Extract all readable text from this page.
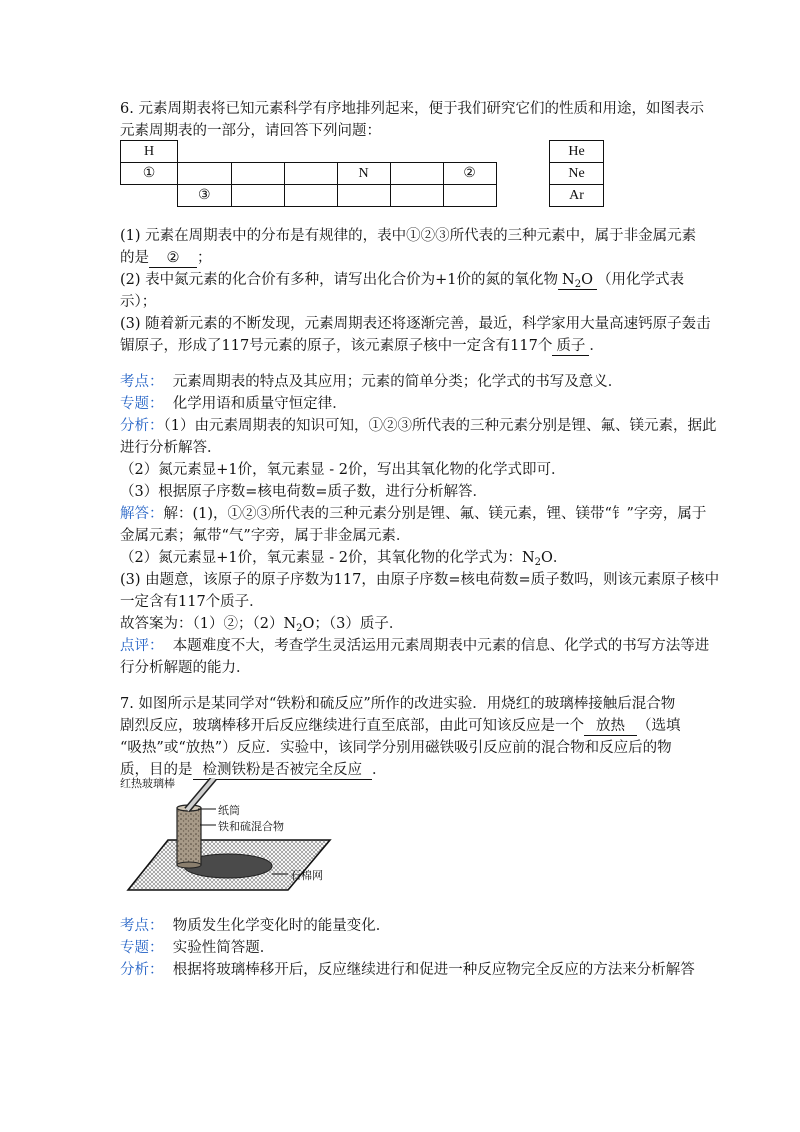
6. 元素周期表将已知元素科学有序地排列起来，便于我们研究它们的性质和用途，如图表示
元素周期表的一部分，请回答下列问题：
H								He
①				N		②		Ne
	③							Ar
(1) 元素在周期表中的分布是有规律的，表中①②③所代表的三种元素中，属于非金属元素
的是 ② ；
(2) 表中氮元素的化合价有多种，请写出化合价为+1价的氮的氧化物 $N_2O$ （用化学式表
示）；
(3) 随着新元素的不断发现，元素周期表还将逐渐完善，最近，科学家用大量高速钙原子轰击
镅原子，形成了117号元素的原子，该元素原子核中一定含有117个 质子 ．
考点： 元素周期表的特点及其应用；元素的简单分类；化学式的书写及意义．
专题： 化学用语和质量守恒定律．
分析：（1）由元素周期表的知识可知，①②③所代表的三种元素分别是锂、氟、镁元素，据此
进行分析解答．
（2）氮元素显+1价，氧元素显 - 2价，写出其氧化物的化学式即可．
（3）根据原子序数=核电荷数=质子数，进行分析解答．
解答：解：(1)，①②③所代表的三种元素分别是锂、氟、镁元素，锂、镁带“钅”字旁，属于
金属元素；氟带“气”字旁，属于非金属元素．
（2）氮元素显+1价，氧元素显 - 2价，其氧化物的化学式为：$N_2O$．
(3) 由题意，该原子的原子序数为117，由原子序数=核电荷数=质子数吗，则该元素原子核中
一定含有117个质子．
故答案为：（1）②；$(2)N_2O$；（3）质子．
点评： 本题难度不大，考查学生灵活运用元素周期表中元素的信息、化学式的书写方法等进
行分析解题的能力．
7. 如图所示是某同学对“铁粉和硫反应”所作的改进实验．用烧红的玻璃棒接触后混合物
剧烈反应，玻璃棒移开后反应继续进行直至底部，由此可知该反应是一个 放热 （选填
“吸热”或“放热”）反应．实验中，该同学分别用磁铁吸引反应前的混合物和反应后的物
质，目的是 检测铁粉是否被完全反应 ．
红热玻璃棒
纸筒
铁和硫混合物
石棉网
考点： 物质发生化学变化时的能量变化．
专题： 实验性简答题．
分析： 根据将玻璃棒移开后，反应继续进行和促进一种反应物完全反应的方法来分析解答
